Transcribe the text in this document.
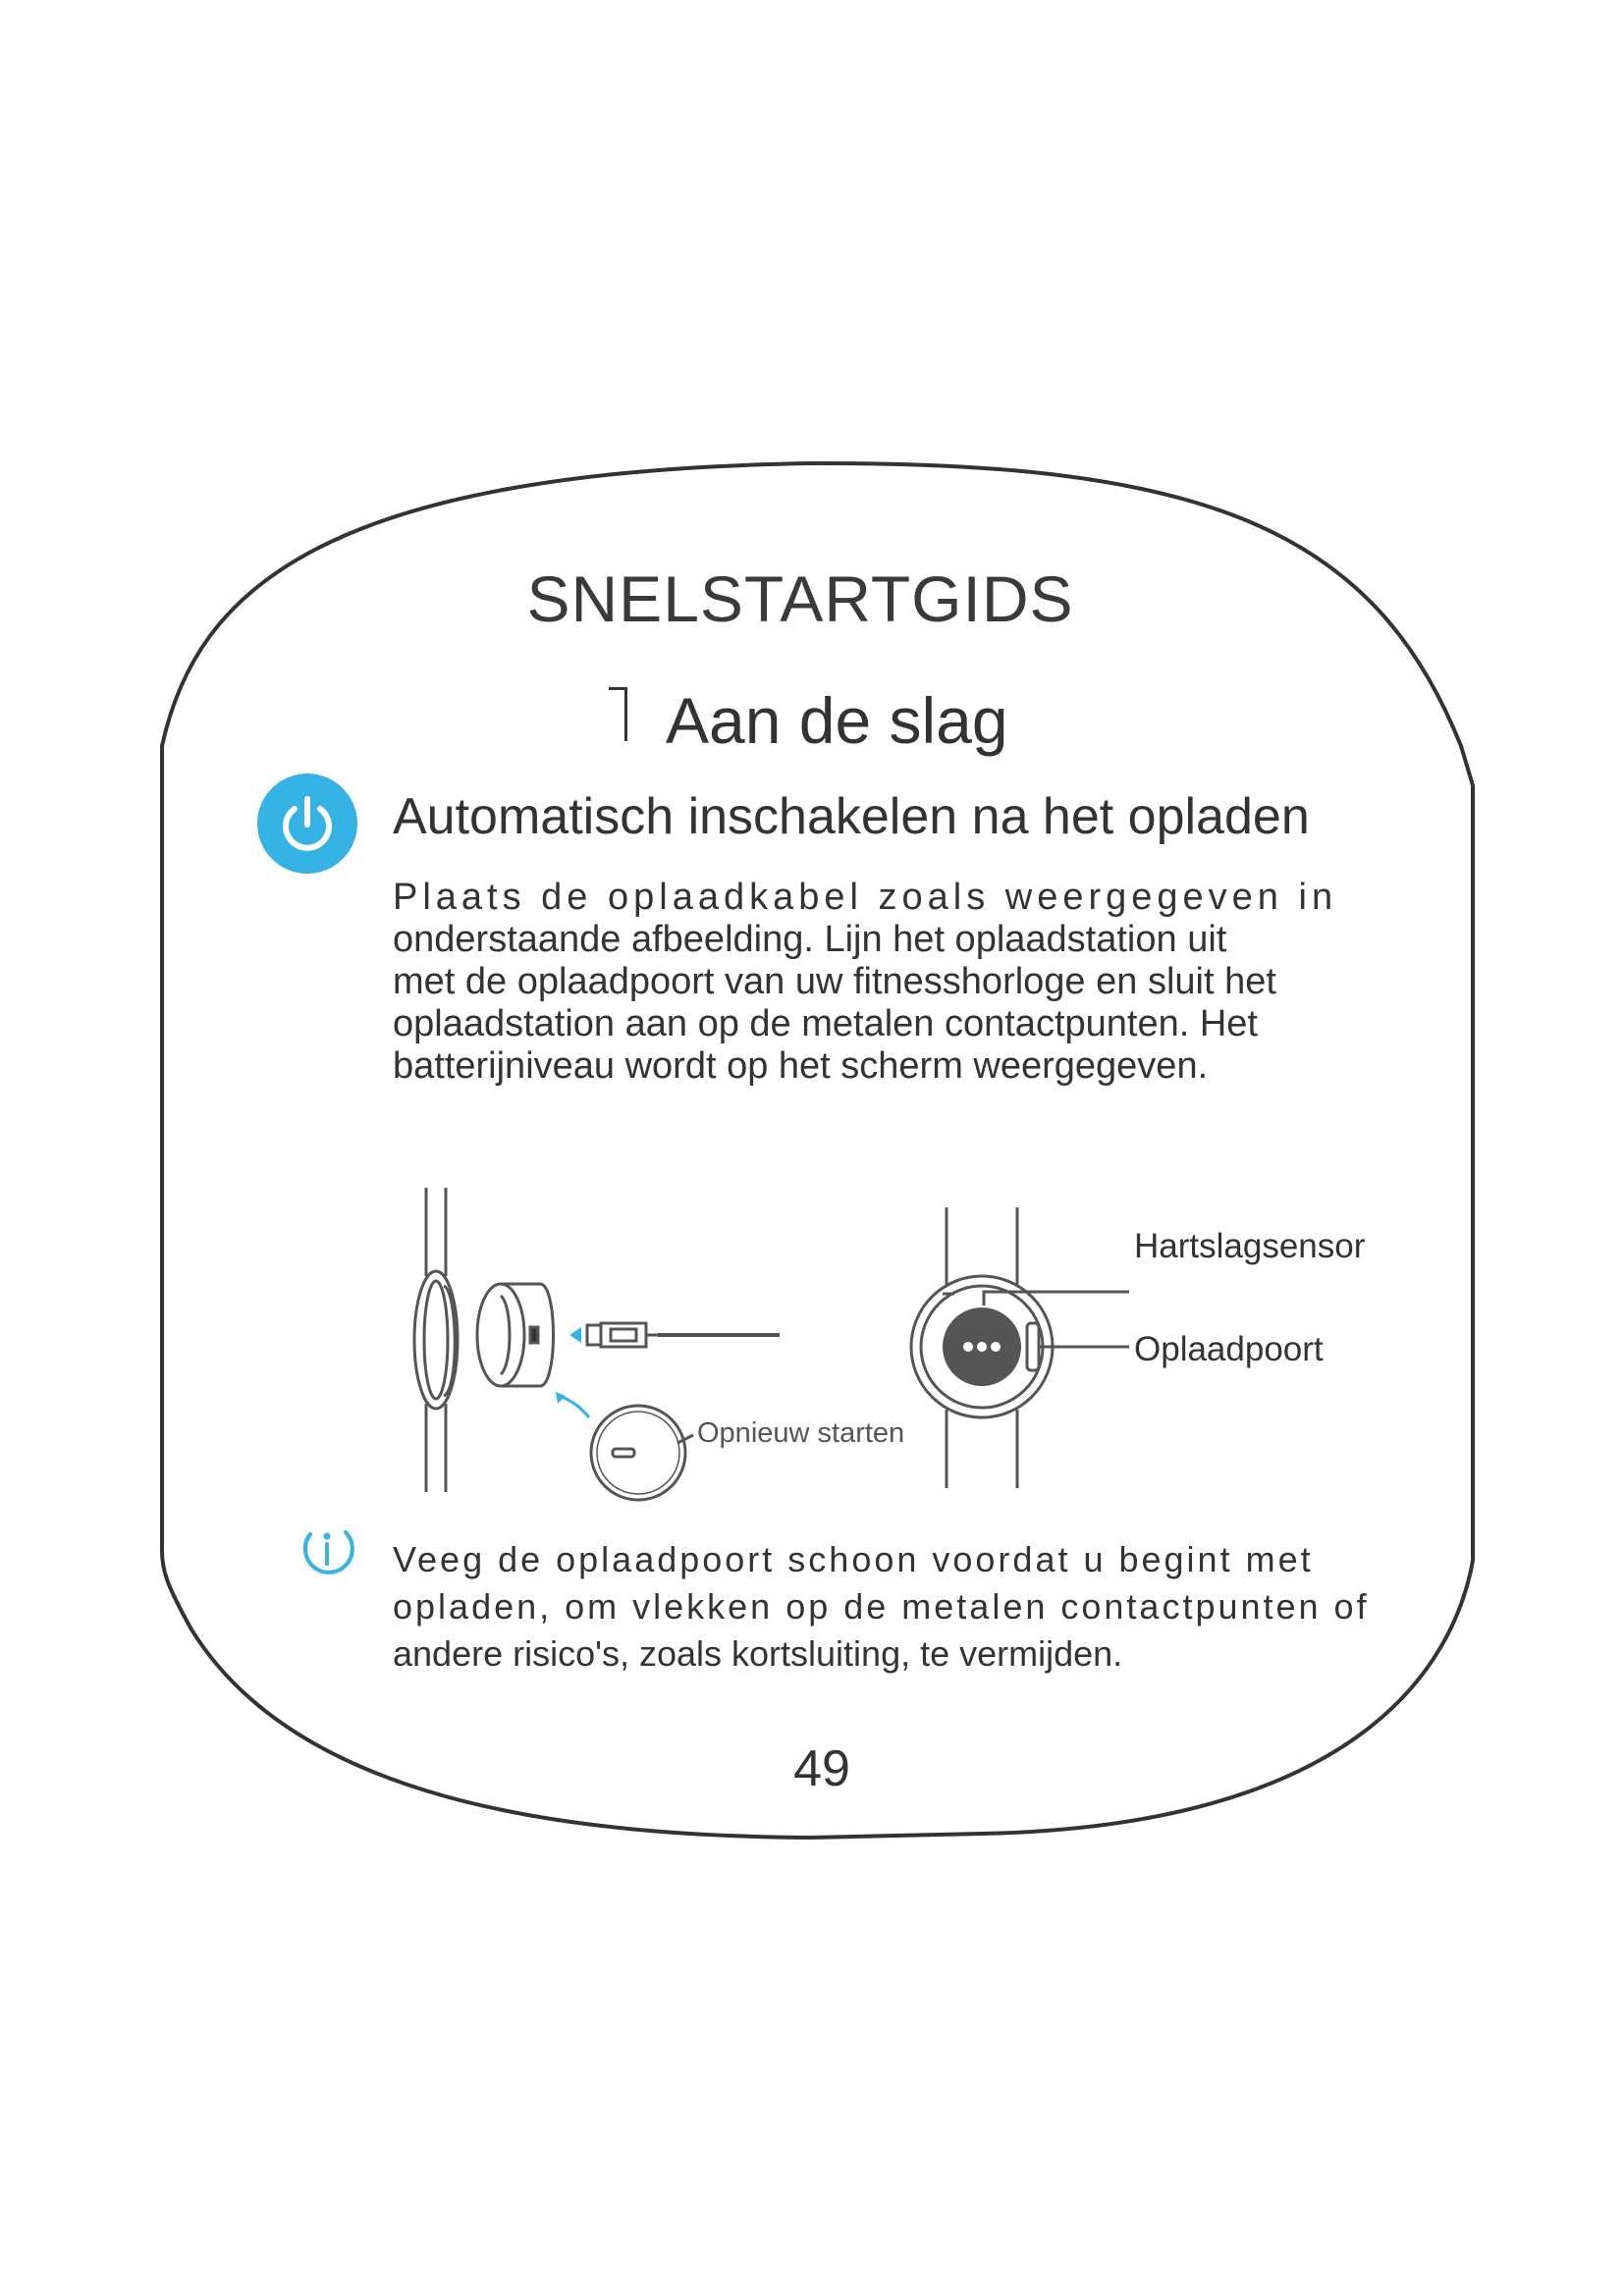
SNELSTARTGIDS
Aan de slag
Automatisch inschakelen na het opladen
Plaats de oplaadkabel zoals weergegeven in
onderstaande afbeelding. Lijn het oplaadstation uit
met de oplaadpoort van uw fitnesshorloge en sluit het
oplaadstation aan op de metalen contactpunten. Het
batterijniveau wordt op het scherm weergegeven.
Hartslagsensor
Oplaadpoort
Opnieuw starten
Veeg de oplaadpoort schoon voordat u begint met
opladen, om vlekken op de metalen contactpunten of
andere risico's, zoals kortsluiting, te vermijden.
49
